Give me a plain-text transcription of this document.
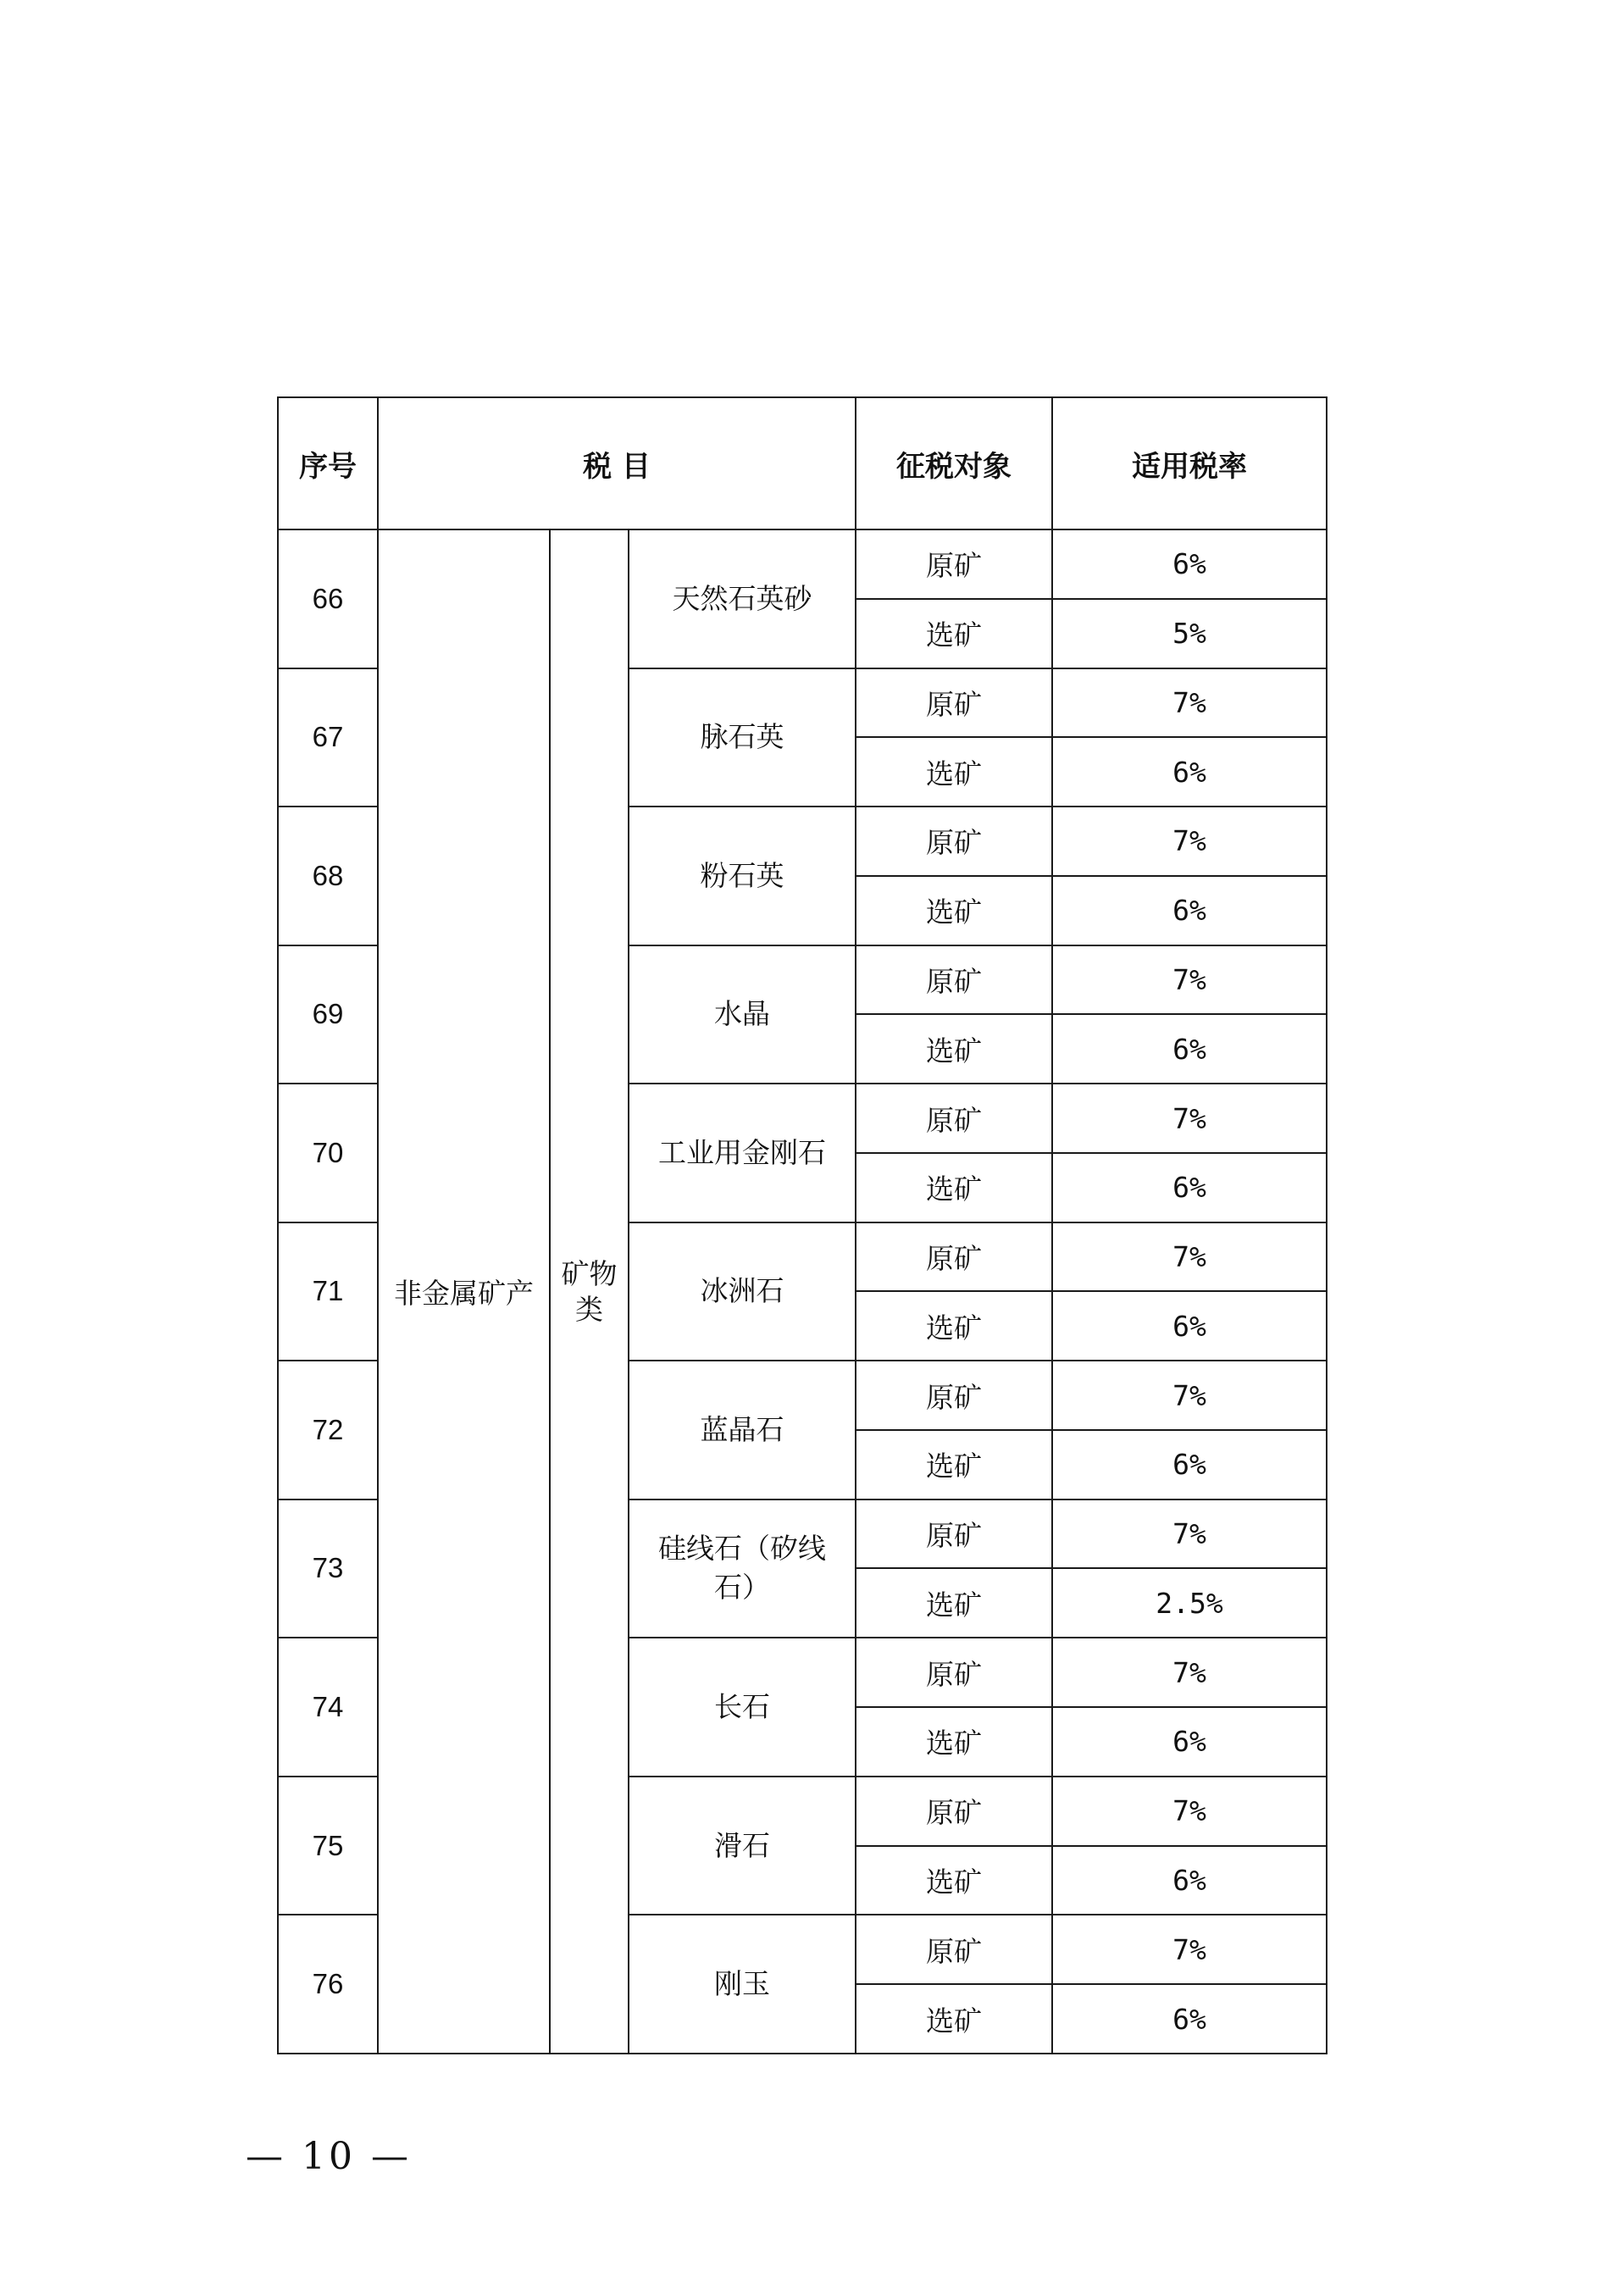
序号	税 目			征税对象	适用税率
66	非金属矿产	矿物类	天然石英砂	原矿	6%
				选矿	5%
67			脉石英	原矿	7%
				选矿	6%
68			粉石英	原矿	7%
				选矿	6%
69			水晶	原矿	7%
				选矿	6%
70			工业用金刚石	原矿	7%
				选矿	6%
71			冰洲石	原矿	7%
				选矿	6%
72			蓝晶石	原矿	7%
				选矿	6%
73			硅线石（矽线石）	原矿	7%
				选矿	2.5%
74			长石	原矿	7%
				选矿	6%
75			滑石	原矿	7%
				选矿	6%
76			刚玉	原矿	7%
				选矿	6%
— 10 —
